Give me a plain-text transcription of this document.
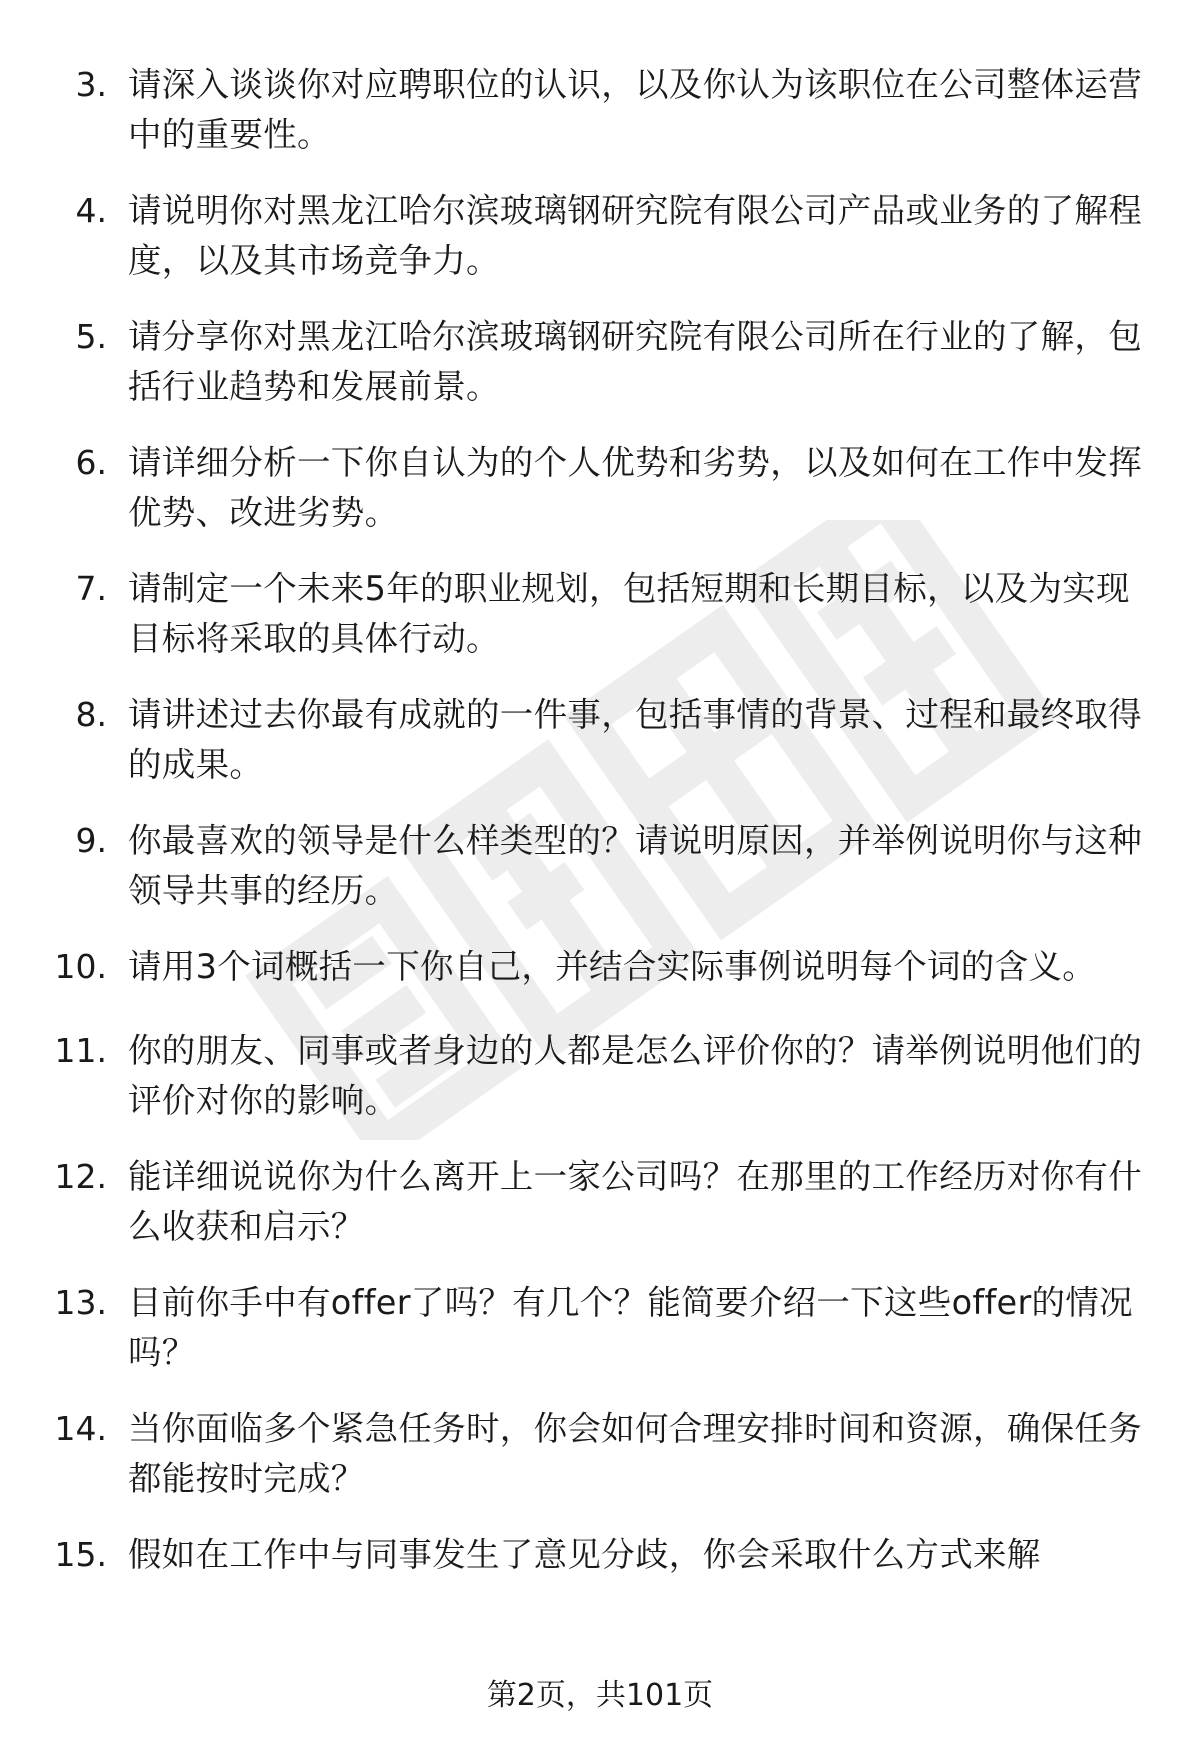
3. 请深入谈谈你对应聘职位的认识，以及你认为该职位在公司整体运营中的重要性。
4. 请说明你对黑龙江哈尔滨玻璃钢研究院有限公司产品或业务的了解程度，以及其市场竞争力。
5. 请分享你对黑龙江哈尔滨玻璃钢研究院有限公司所在行业的了解，包括行业趋势和发展前景。
6. 请详细分析一下你自认为的个人优势和劣势，以及如何在工作中发挥优势、改进劣势。
7. 请制定一个未来5年的职业规划，包括短期和长期目标，以及为实现目标将采取的具体行动。
8. 请讲述过去你最有成就的一件事，包括事情的背景、过程和最终取得的成果。
9. 你最喜欢的领导是什么样类型的？请说明原因，并举例说明你与这种领导共事的经历。
10. 请用3个词概括一下你自己，并结合实际事例说明每个词的含义。
11. 你的朋友、同事或者身边的人都是怎么评价你的？请举例说明他们的评价对你的影响。
12. 能详细说说你为什么离开上一家公司吗？在那里的工作经历对你有什么收获和启示？
13. 目前你手中有offer了吗？有几个？能简要介绍一下这些offer的情况吗？
14. 当你面临多个紧急任务时，你会如何合理安排时间和资源，确保任务都能按时完成？
15. 假如在工作中与同事发生了意见分歧，你会采取什么方式来解
第2页，共101页
